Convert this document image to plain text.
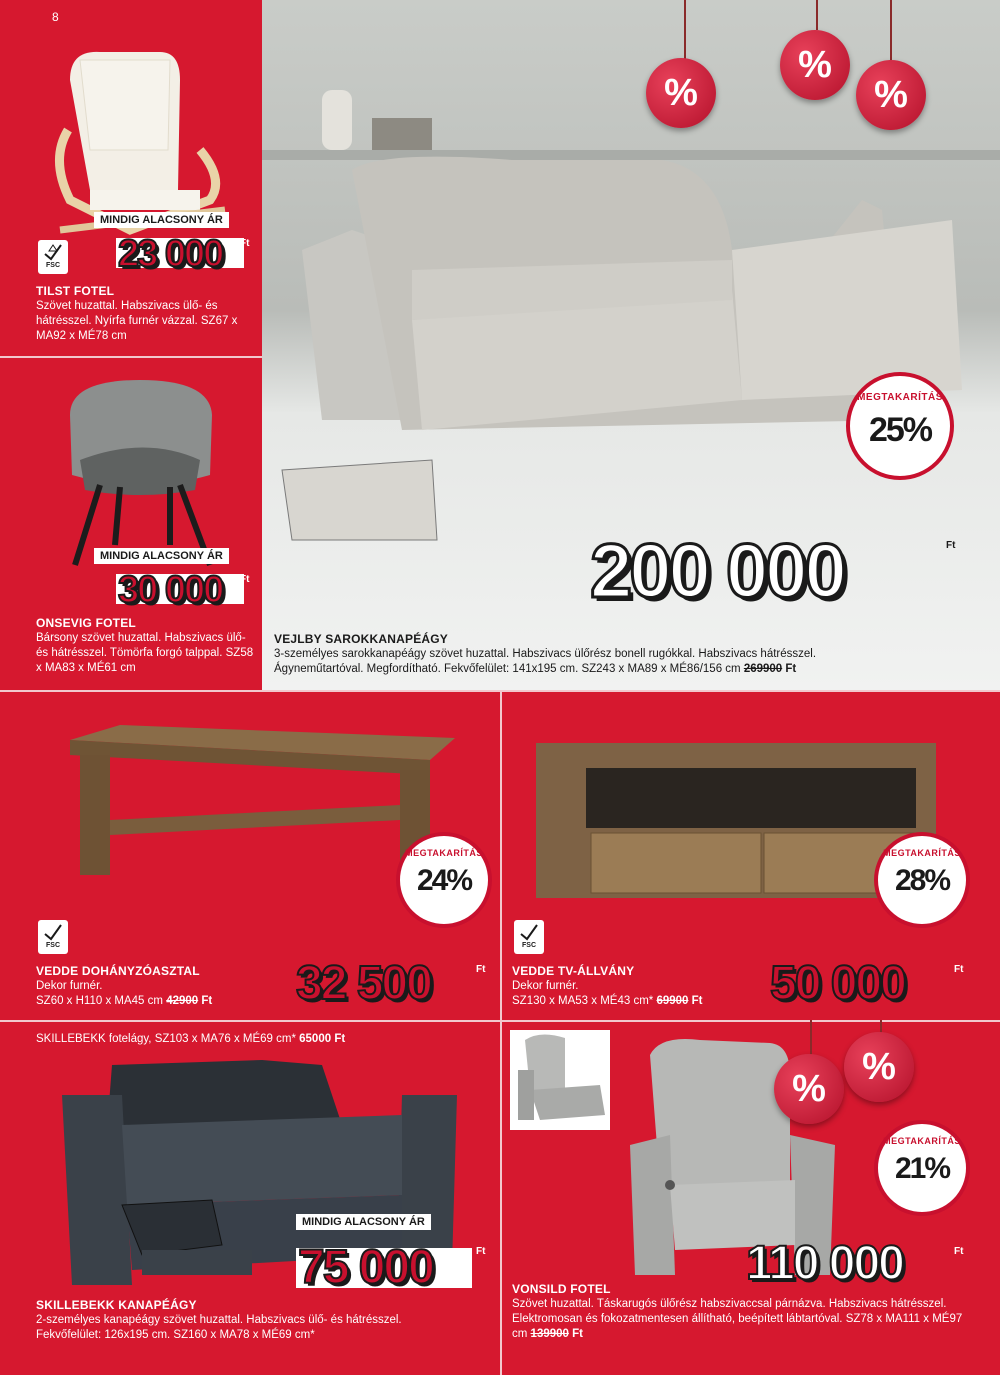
8
MINDIG ALACSONY ÁR
FSC 23 000 Ft
TILST FOTEL
Szövet huzattal. Habszivacs ülő- és hátrésszel. Nyírfa furnér vázzal. SZ67 x MA92 x MÉ78 cm
MINDIG ALACSONY ÁR
30 000 Ft
ONSEVIG FOTEL
Bársony szövet huzattal. Habszivacs ülő- és hátrésszel. Tömörfa forgó talppal. SZ58 x MA83 x MÉ61 cm
%
%
%
MEGTAKARÍTÁS
25%
200 000	Ft
VEJLBY SAROKKANAPÉÁGY
3-személyes sarokkanapéágy szövet huzattal. Habszivacs ülőrész bonell rugókkal. Habszivacs hátrésszel. Ágyneműtartóval. Megfordítható. Fekvőfelület: 141x195 cm. SZ243 x MA89 x MÉ86/156 cm 269900 Ft
MEGTAKARÍTÁS
24%
FSC
32 500	Ft
VEDDE DOHÁNYZÓASZTAL
Dekor furnér.
SZ60 x H110 x MA45 cm 42900 Ft
MEGTAKARÍTÁS
28%
FSC
50 000	Ft
VEDDE TV-ÁLLVÁNY
Dekor furnér.
SZ130 x MA53 x MÉ43 cm* 69900 Ft
SKILLEBEKK fotelágy, SZ103 x MA76 x MÉ69 cm* 65000 Ft
MINDIG ALACSONY ÁR
75 000	Ft
SKILLEBEKK KANAPÉÁGY
2-személyes kanapéágy szövet huzattal. Habszivacs ülő- és hátrésszel. Fekvőfelület: 126x195 cm. SZ160 x MA78 x MÉ69 cm*
%
%
MEGTAKARÍTÁS
21%
110 000	Ft
VONSILD FOTEL
Szövet huzattal. Táskarugós ülőrész habszivaccsal párnázva. Habszivacs hátrésszel. Elektromosan és fokozatmentesen állítható, beépített lábtartóval. SZ78 x MA111 x MÉ97 cm 139900 Ft
